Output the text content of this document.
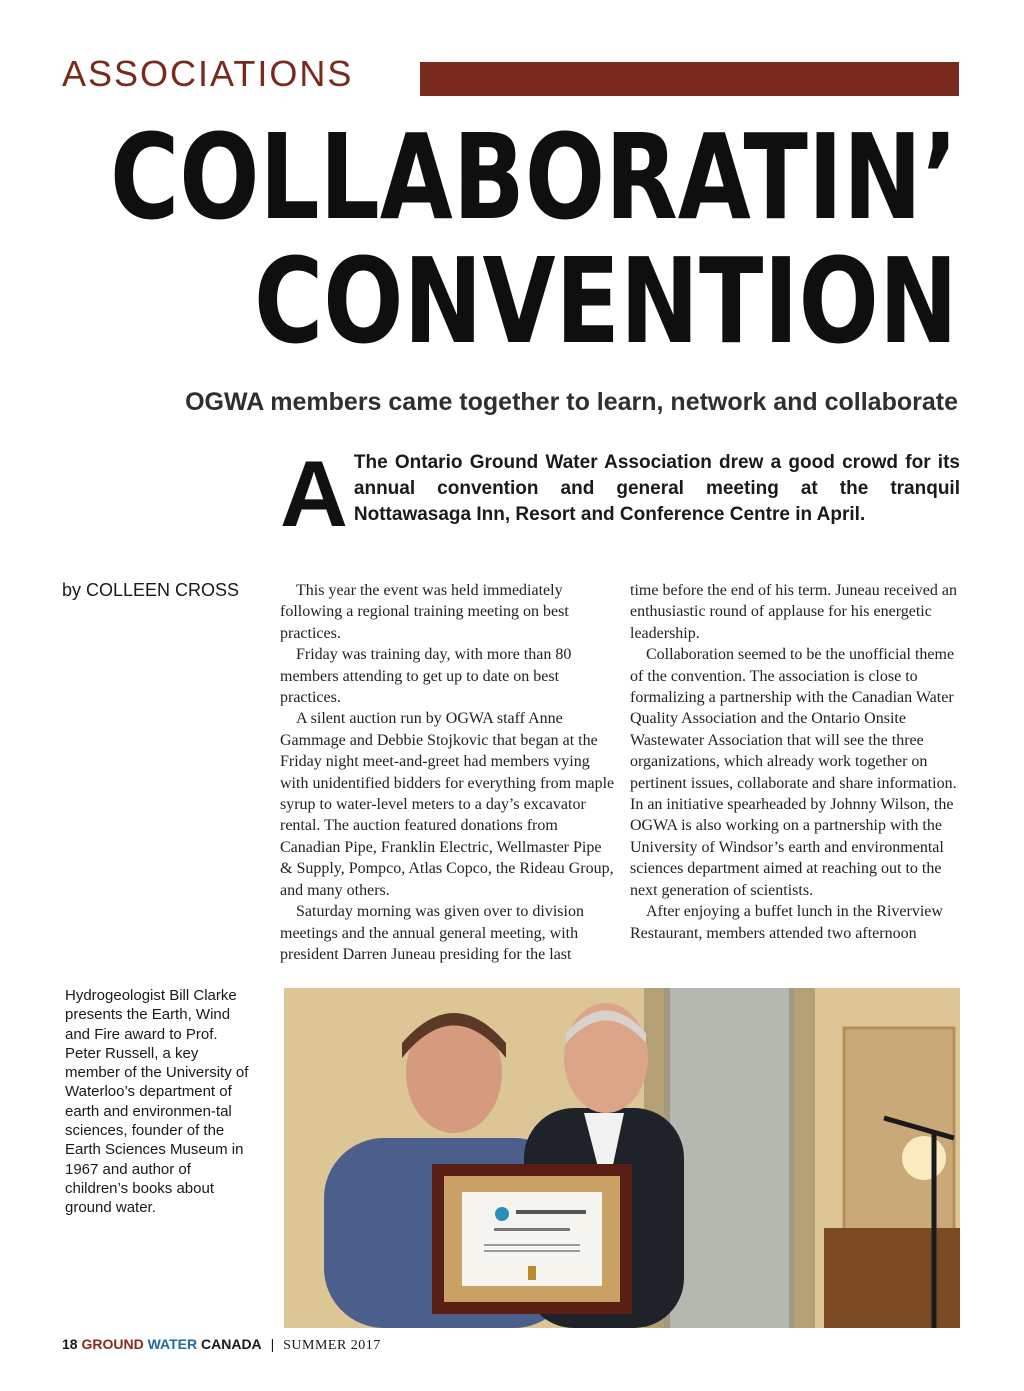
ASSOCIATIONS
COLLABORATIN’
CONVENTION
OGWA members came together to learn, network and collaborate
A The Ontario Ground Water Association drew a good crowd for its annual convention and general meeting at the tranquil Nottawasaga Inn, Resort and Conference Centre in April.
by COLLEEN CROSS	This year the event was held immediately following a regional training meeting on best practices.

Friday was training day, with more than 80 members attending to get up to date on best practices.

A silent auction run by OGWA staff Anne Gammage and Debbie Stojkovic that began at the Friday night meet-and-greet had members vying with unidentified bidders for everything from maple syrup to water-level meters to a day’s excavator rental. The auction featured donations from Canadian Pipe, Franklin Electric, Wellmaster Pipe & Supply, Pompco, Atlas Copco, the Rideau Group, and many others.

Saturday morning was given over to division meetings and the annual general meeting, with president Darren Juneau presiding for the last

time before the end of his term. Juneau received an enthusiastic round of applause for his energetic leadership.

Collaboration seemed to be the unofficial theme of the convention. The association is close to formalizing a partnership with the Canadian Water Quality Association and the Ontario Onsite Wastewater Association that will see the three organizations, which already work together on pertinent issues, collaborate and share information. In an initiative spearheaded by Johnny Wilson, the OGWA is also working on a partnership with the University of Windsor’s earth and environmental sciences department aimed at reaching out to the next generation of scientists.

After enjoying a buffet lunch in the Riverview Restaurant, members attended two afternoon

Hydrogeologist Bill Clarke presents the Earth, Wind and Fire award to Prof. Peter Russell, a key member of the University of Waterloo’s department of earth and environmen-tal sciences, founder of the Earth Sciences Museum in 1967 and author of children’s books about ground water.
18 GROUND WATER CANADA | SUMMER 2017
